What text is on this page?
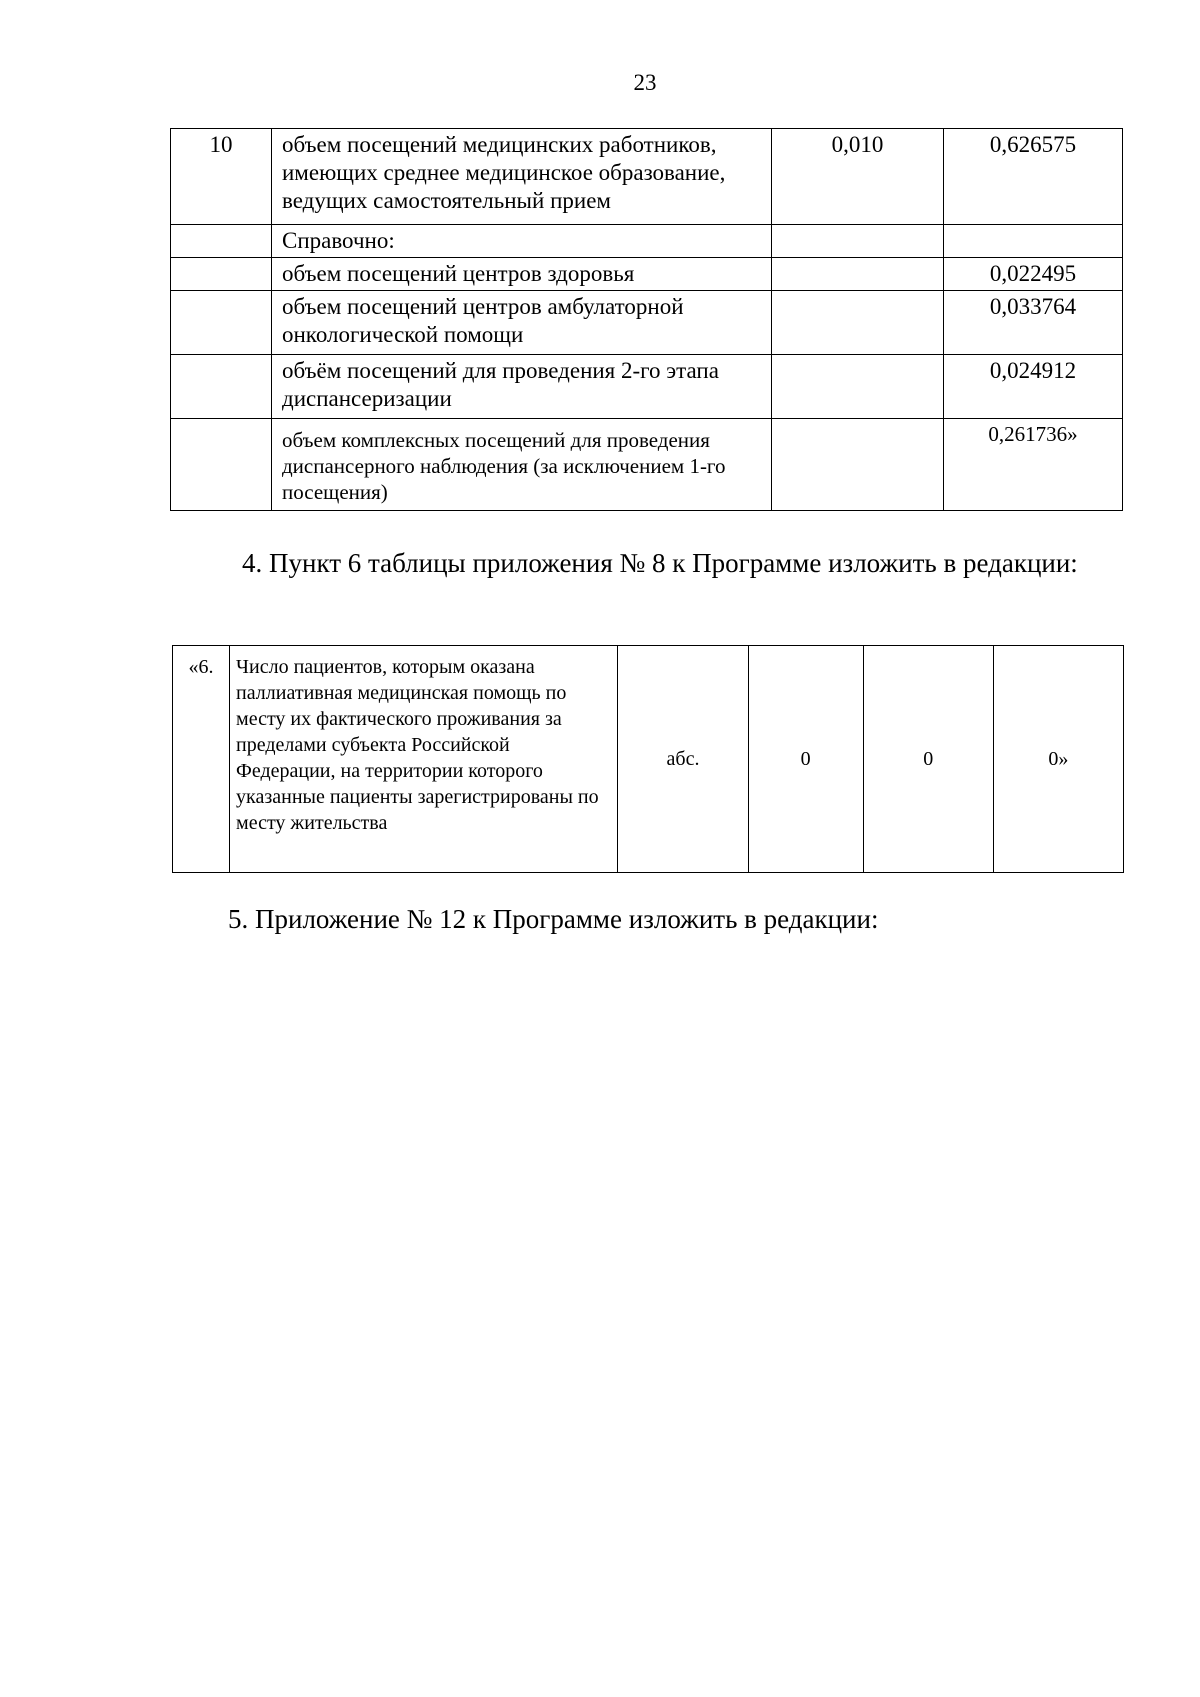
23
10	объем посещений медицинских работников, имеющих среднее медицинское образование, ведущих самостоятельный прием	0,010	0,626575
	Справочно:		
	объем посещений центров здоровья		0,022495
	объем посещений центров амбулаторной онкологической помощи		0,033764
	объём посещений для проведения 2-го этапа диспансеризации		0,024912
	объем комплексных посещений для проведения диспансерного наблюдения (за исключением 1-го посещения)		0,261736»
4. Пункт 6 таблицы приложения № 8 к Программе изложить в редакции:
«6.	Число пациентов, которым оказана паллиативная медицинская помощь по месту их фактического проживания за пределами субъекта Российской Федерации, на территории которого указанные пациенты зарегистрированы по месту жительства	абс.	0	0	0»
5. Приложение № 12 к Программе изложить в редакции:
